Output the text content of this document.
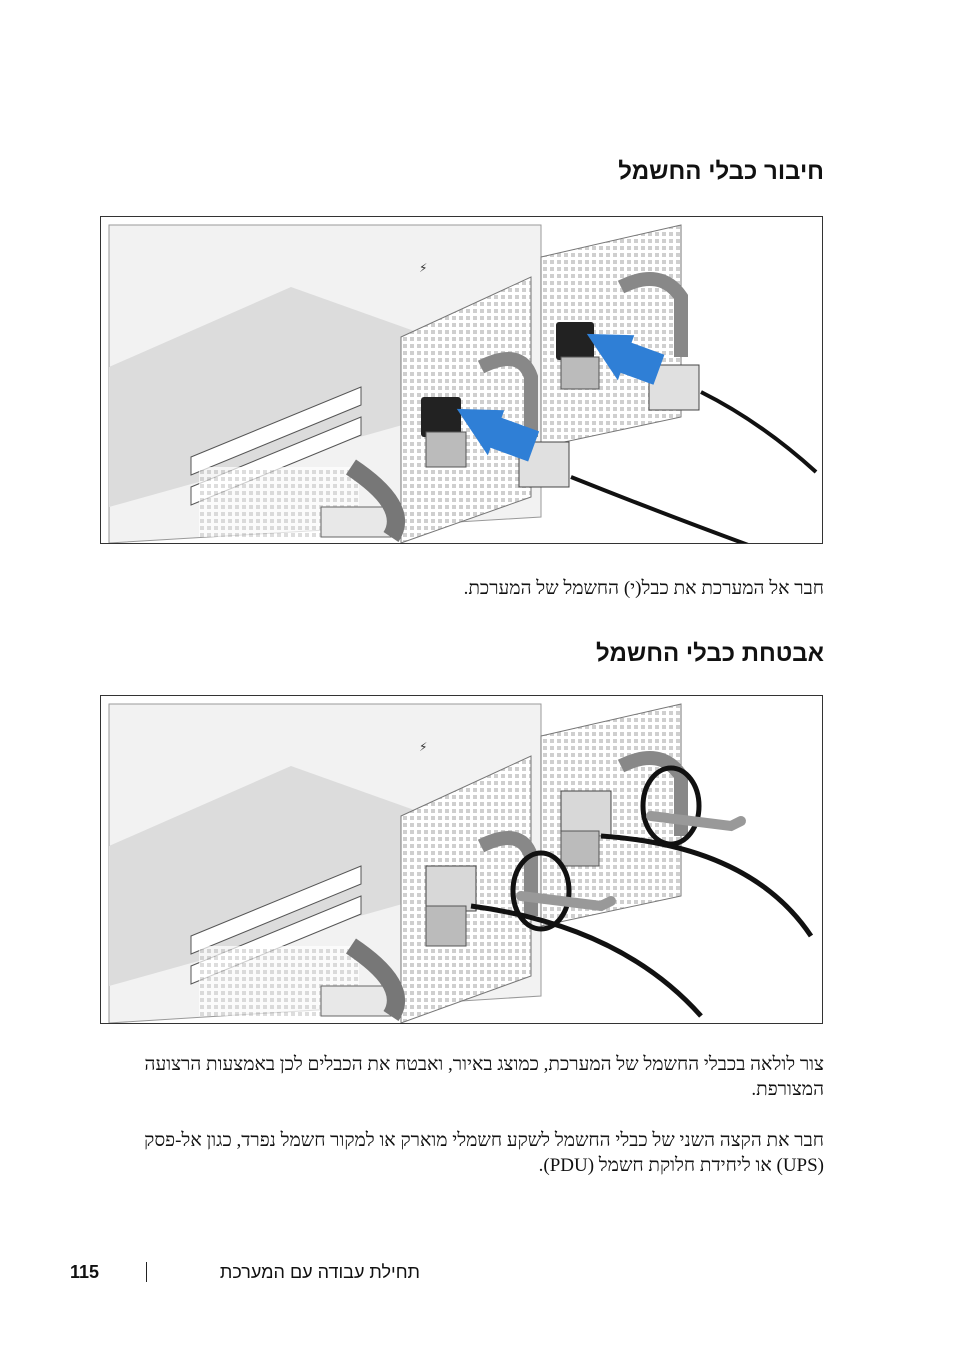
חיבור כבלי החשמל
⚡

חבר אל המערכת את כבל(י) החשמל של המערכת.

אבטחת כבלי החשמל
⚡

צור לולאה בכבלי החשמל של המערכת, כמוצג באיור, ואבטח את הכבלים לכן באמצעות הרצועה המצורפת.

חבר את הקצה השני של כבלי החשמל לשקע חשמלי מוארק או למקור חשמל נפרד, כגון אל-פסק (UPS) או ליחידת חלוקת חשמל (PDU).

115	תחילת עבודה עם המערכת
